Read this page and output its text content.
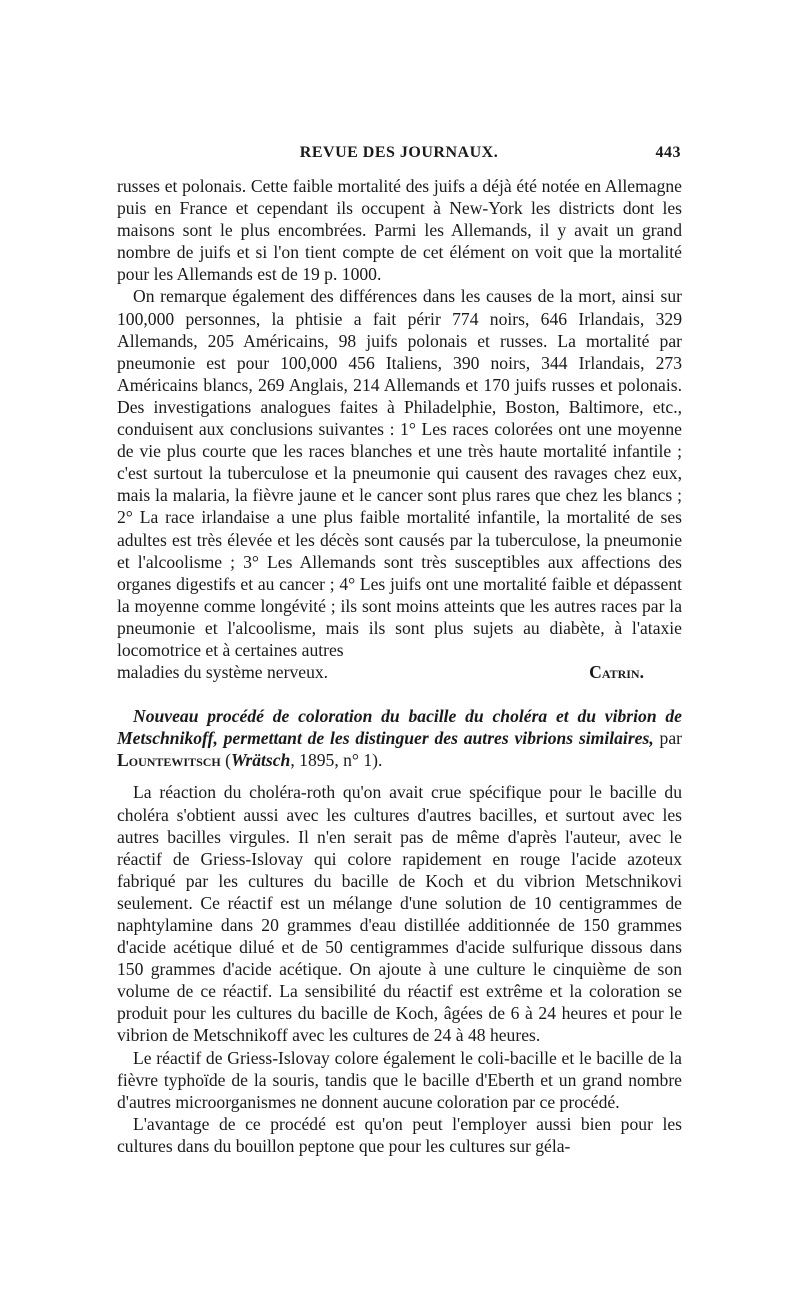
REVUE DES JOURNAUX.	443

russes et polonais. Cette faible mortalité des juifs a déjà été notée en Allemagne puis en France et cependant ils occupent à New-York les districts dont les maisons sont le plus encombrées. Parmi les Allemands, il y avait un grand nombre de juifs et si l'on tient compte de cet élément on voit que la mortalité pour les Allemands est de 19 p. 1000.

On remarque également des différences dans les causes de la mort, ainsi sur 100,000 personnes, la phtisie a fait périr 774 noirs, 646 Irlandais, 329 Allemands, 205 Américains, 98 juifs polonais et russes. La mortalité par pneumonie est pour 100,000 456 Italiens, 390 noirs, 344 Irlandais, 273 Américains blancs, 269 Anglais, 214 Allemands et 170 juifs russes et polonais. Des investigations analogues faites à Philadelphie, Boston, Baltimore, etc., conduisent aux conclusions suivantes : 1° Les races colorées ont une moyenne de vie plus courte que les races blanches et une très haute mortalité infantile ; c'est surtout la tuberculose et la pneumonie qui causent des ravages chez eux, mais la malaria, la fièvre jaune et le cancer sont plus rares que chez les blancs ; 2° La race irlandaise a une plus faible mortalité infantile, la mortalité de ses adultes est très élevée et les décès sont causés par la tuberculose, la pneumonie et l'alcoolisme ; 3° Les Allemands sont très susceptibles aux affections des organes digestifs et au cancer ; 4° Les juifs ont une mortalité faible et dépassent la moyenne comme longévité ; ils sont moins atteints que les autres races par la pneumonie et l'alcoolisme, mais ils sont plus sujets au diabète, à l'ataxie locomotrice et à certaines autres

maladies du système nerveux.	Catrin.

Nouveau procédé de coloration du bacille du choléra et du vibrion de Metschnikoff, permettant de les distinguer des autres vibrions similaires, par Lountewitsch (Wrätsch, 1895, n° 1).

La réaction du choléra-roth qu'on avait crue spécifique pour le bacille du choléra s'obtient aussi avec les cultures d'autres bacilles, et surtout avec les autres bacilles virgules. Il n'en serait pas de même d'après l'auteur, avec le réactif de Griess-Islovay qui colore rapidement en rouge l'acide azoteux fabriqué par les cultures du bacille de Koch et du vibrion Metschnikovi seulement. Ce réactif est un mélange d'une solution de 10 centigrammes de naphtylamine dans 20 grammes d'eau distillée additionnée de 150 grammes d'acide acétique dilué et de 50 centigrammes d'acide sulfurique dissous dans 150 grammes d'acide acétique. On ajoute à une culture le cinquième de son volume de ce réactif. La sensibilité du réactif est extrême et la coloration se produit pour les cultures du bacille de Koch, âgées de 6 à 24 heures et pour le vibrion de Metschnikoff avec les cultures de 24 à 48 heures.

Le réactif de Griess-Islovay colore également le coli-bacille et le bacille de la fièvre typhoïde de la souris, tandis que le bacille d'Eberth et un grand nombre d'autres microorganismes ne donnent aucune coloration par ce procédé.

L'avantage de ce procédé est qu'on peut l'employer aussi bien pour les cultures dans du bouillon peptone que pour les cultures sur géla-
